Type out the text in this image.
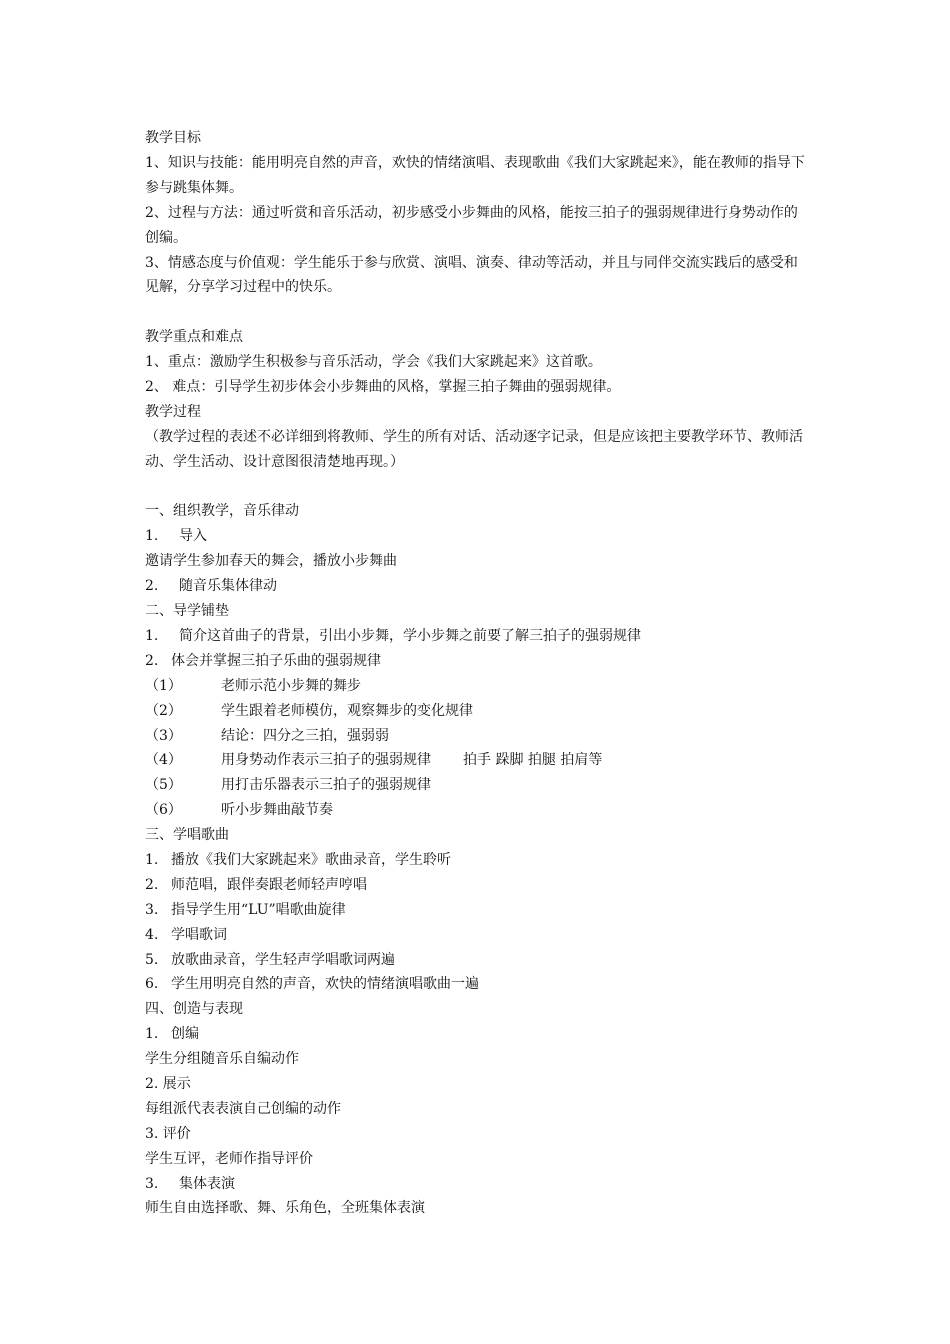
教学目标
1、知识与技能：能用明亮自然的声音，欢快的情绪演唱、表现歌曲《我们大家跳起来》，能在教师的指导下参与跳集体舞。
2、过程与方法：通过听赏和音乐活动，初步感受小步舞曲的风格，能按三拍子的强弱规律进行身势动作的创编。
3、情感态度与价值观：学生能乐于参与欣赏、演唱、演奏、律动等活动，并且与同伴交流实践后的感受和见解，分享学习过程中的快乐。
教学重点和难点
1、重点：激励学生积极参与音乐活动，学会《我们大家跳起来》这首歌。
2、 难点：引导学生初步体会小步舞曲的风格，掌握三拍子舞曲的强弱规律。
教学过程
（教学过程的表述不必详细到将教师、学生的所有对话、活动逐字记录，但是应该把主要教学环节、教师活动、学生活动、设计意图很清楚地再现。）
一、组织教学，音乐律动
1. 导入
邀请学生参加春天的舞会，播放小步舞曲
2. 随音乐集体律动
二、导学铺垫
1. 简介这首曲子的背景，引出小步舞，学小步舞之前要了解三拍子的强弱规律
2. 体会并掌握三拍子乐曲的强弱规律
（1）	老师示范小步舞的舞步
（2）	学生跟着老师模仿，观察舞步的变化规律
（3）	结论：四分之三拍，强弱弱
（4）	用身势动作表示三拍子的强弱规律 拍手 跺脚 拍腿 拍肩等
（5）	用打击乐器表示三拍子的强弱规律
（6）	听小步舞曲敲节奏
三、学唱歌曲
1. 播放《我们大家跳起来》歌曲录音，学生聆听
2. 师范唱，跟伴奏跟老师轻声哼唱
3. 指导学生用“LU”唱歌曲旋律
4. 学唱歌词
5. 放歌曲录音，学生轻声学唱歌词两遍
6. 学生用明亮自然的声音，欢快的情绪演唱歌曲一遍
四、创造与表现
1. 创编
学生分组随音乐自编动作
2. 展示
每组派代表表演自己创编的动作
3. 评价
学生互评，老师作指导评价
3. 集体表演
师生自由选择歌、舞、乐角色，全班集体表演
